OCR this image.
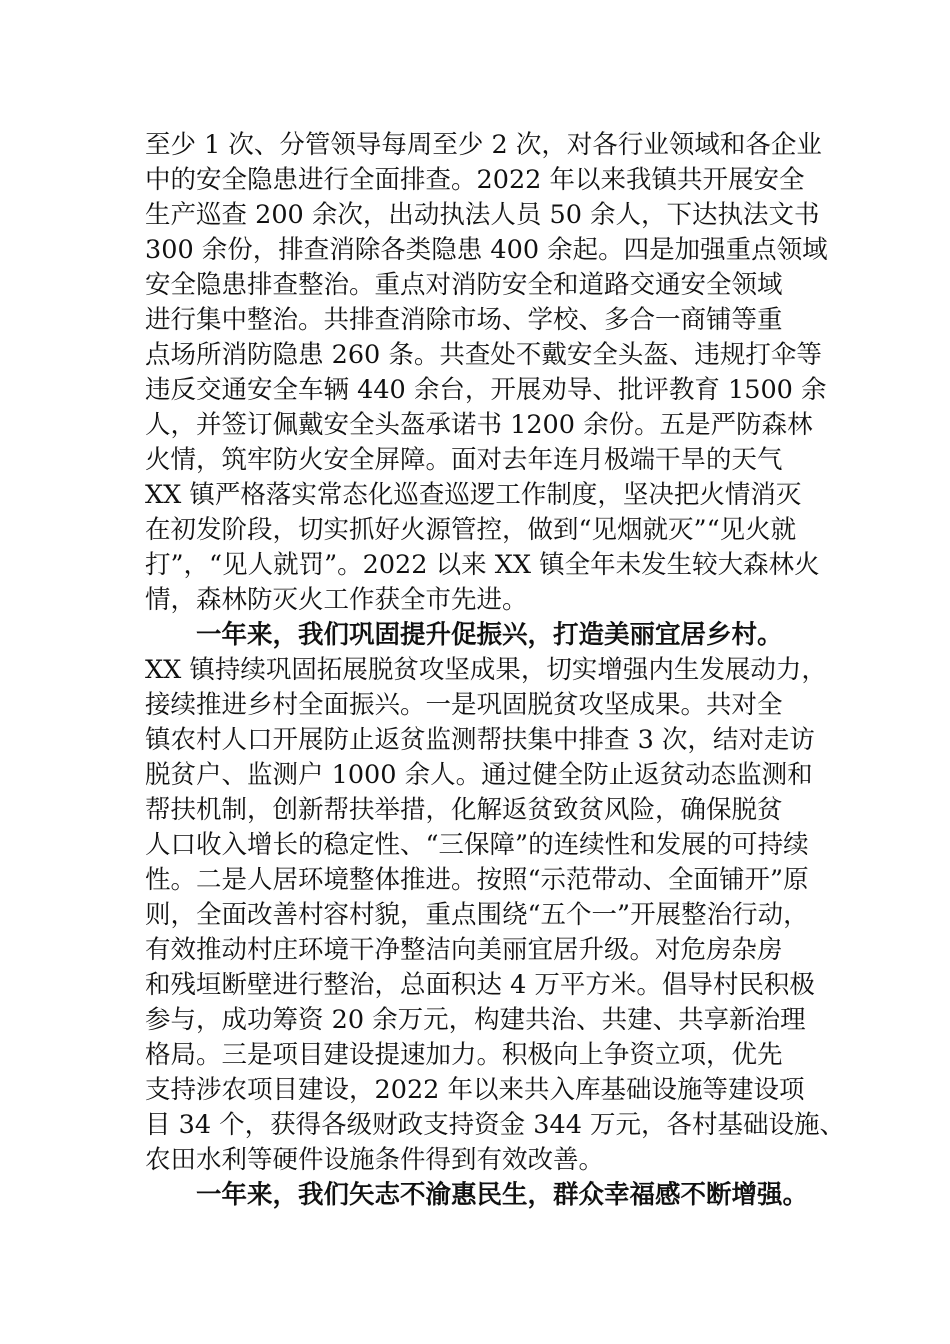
至少 1 次、分管领导每周至少 2 次，对各行业领域和各企业
中的安全隐患进行全面排查。2022 年以来我镇共开展安全
生产巡查 200 余次，出动执法人员 50 余人，下达执法文书
300 余份，排查消除各类隐患 400 余起。四是加强重点领域
安全隐患排查整治。重点对消防安全和道路交通安全领域
进行集中整治。共排查消除市场、学校、多合一商铺等重
点场所消防隐患 260 条。共查处不戴安全头盔、违规打伞等
违反交通安全车辆 440 余台，开展劝导、批评教育 1500 余
人，并签订佩戴安全头盔承诺书 1200 余份。五是严防森林
火情，筑牢防火安全屏障。面对去年连月极端干旱的天气
XX 镇严格落实常态化巡查巡逻工作制度，坚决把火情消灭
在初发阶段，切实抓好火源管控，做到“见烟就灭”“见火就
打”，“见人就罚”。2022 以来 XX 镇全年未发生较大森林火
情，森林防灭火工作获全市先进。
一年来，我们巩固提升促振兴，打造美丽宜居乡村。
XX 镇持续巩固拓展脱贫攻坚成果，切实增强内生发展动力，
接续推进乡村全面振兴。一是巩固脱贫攻坚成果。共对全
镇农村人口开展防止返贫监测帮扶集中排查 3 次，结对走访
脱贫户、监测户 1000 余人。通过健全防止返贫动态监测和
帮扶机制，创新帮扶举措，化解返贫致贫风险，确保脱贫
人口收入增长的稳定性、“三保障”的连续性和发展的可持续
性。二是人居环境整体推进。按照“示范带动、全面铺开”原
则，全面改善村容村貌，重点围绕“五个一”开展整治行动，
有效推动村庄环境干净整洁向美丽宜居升级。对危房杂房
和残垣断壁进行整治，总面积达 4 万平方米。倡导村民积极
参与，成功筹资 20 余万元，构建共治、共建、共享新治理
格局。三是项目建设提速加力。积极向上争资立项，优先
支持涉农项目建设，2022 年以来共入库基础设施等建设项
目 34 个，获得各级财政支持资金 344 万元，各村基础设施、
农田水利等硬件设施条件得到有效改善。
一年来，我们矢志不渝惠民生，群众幸福感不断增强。
